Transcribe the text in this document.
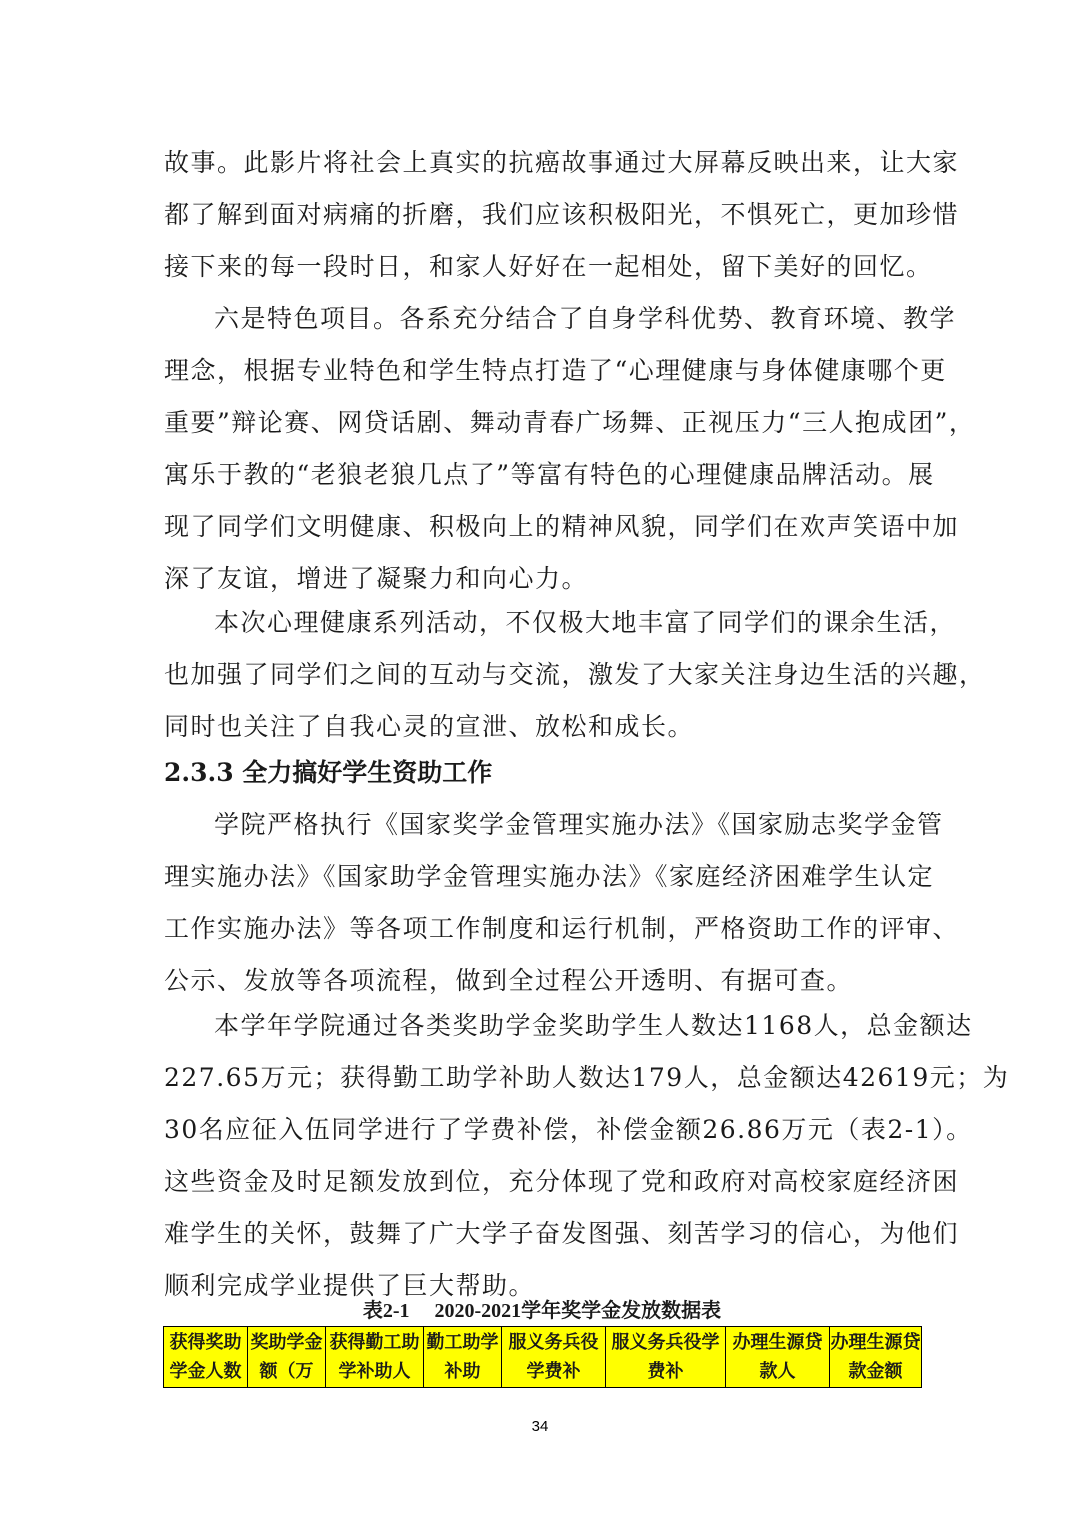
故事。此影片将社会上真实的抗癌故事通过大屏幕反映出来，让大家
都了解到面对病痛的折磨，我们应该积极阳光，不惧死亡，更加珍惜
接下来的每一段时日，和家人好好在一起相处，留下美好的回忆。
六是特色项目。各系充分结合了自身学科优势、教育环境、教学
理念，根据专业特色和学生特点打造了“心理健康与身体健康哪个更
重要”辩论赛、网贷话剧、舞动青春广场舞、正视压力“三人抱成团”，
寓乐于教的“老狼老狼几点了”等富有特色的心理健康品牌活动。展
现了同学们文明健康、积极向上的精神风貌，同学们在欢声笑语中加
深了友谊，增进了凝聚力和向心力。
本次心理健康系列活动，不仅极大地丰富了同学们的课余生活，
也加强了同学们之间的互动与交流，激发了大家关注身边生活的兴趣，
同时也关注了自我心灵的宣泄、放松和成长。
2.3.3 全力搞好学生资助工作
学院严格执行《国家奖学金管理实施办法》《国家励志奖学金管
理实施办法》《国家助学金管理实施办法》《家庭经济困难学生认定
工作实施办法》等各项工作制度和运行机制，严格资助工作的评审、
公示、发放等各项流程，做到全过程公开透明、有据可查。
本学年学院通过各类奖助学金奖助学生人数达1168人，总金额达
227.65万元；获得勤工助学补助人数达179人，总金额达42619元；为
30名应征入伍同学进行了学费补偿，补偿金额26.86万元（表2-1）。
这些资金及时足额发放到位，充分体现了党和政府对高校家庭经济困
难学生的关怀，鼓舞了广大学子奋发图强、刻苦学习的信心，为他们
顺利完成学业提供了巨大帮助。
表2-1　 2020-2021学年奖学金发放数据表
获得奖助学金人数	奖助学金额（万	获得勤工助学补助人	勤工助学补助	服义务兵役学费补	服义务兵役学费补	办理生源贷款人	办理生源贷款金额
34
